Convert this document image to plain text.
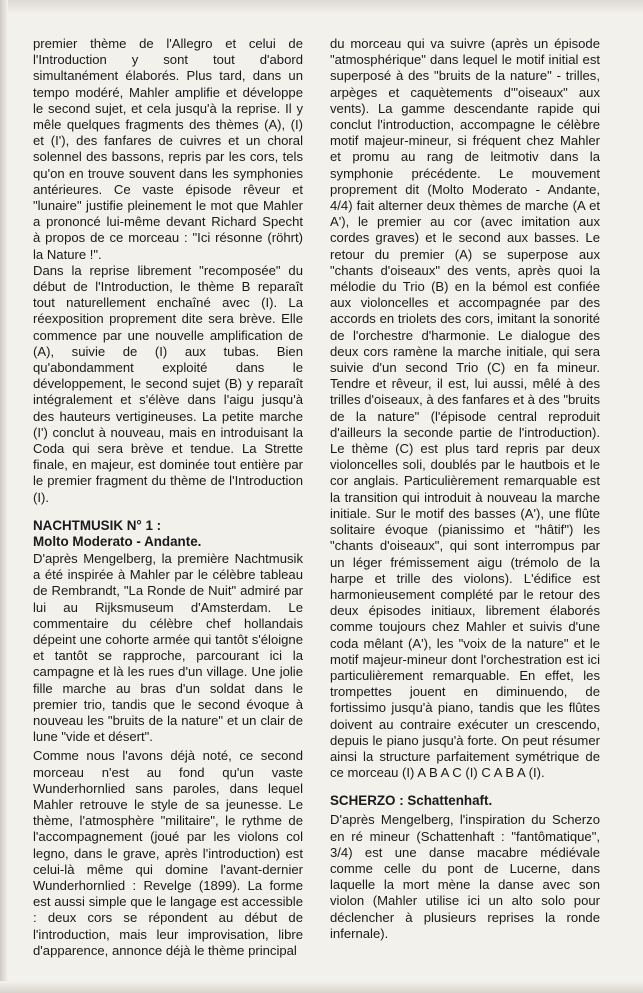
premier thème de l'Allegro et celui de l'Introduction y sont tout d'abord simultanément élaborés. Plus tard, dans un tempo modéré, Mahler amplifie et développe le second sujet, et cela jusqu'à la reprise. Il y mêle quelques fragments des thèmes (A), (I) et (I'), des fanfares de cuivres et un choral solennel des bassons, repris par les cors, tels qu'on en trouve souvent dans les symphonies antérieures. Ce vaste épisode rêveur et "lunaire" justifie pleinement le mot que Mahler a prononcé lui-même devant Richard Specht à propos de ce morceau : "Ici résonne (röhrt) la Nature !".

Dans la reprise librement "recomposée" du début de l'Introduction, le thème B reparaît tout naturellement enchaîné avec (I). La réexposition proprement dite sera brève. Elle commence par une nouvelle amplification de (A), suivie de (I) aux tubas. Bien qu'abondamment exploité dans le développement, le second sujet (B) y reparaît intégralement et s'élève dans l'aigu jusqu'à des hauteurs vertigineuses. La petite marche (I') conclut à nouveau, mais en introduisant la Coda qui sera brève et tendue. La Strette finale, en majeur, est dominée tout entière par le premier fragment du thème de l'Introduction (I).

NACHTMUSIK N° 1 :
Molto Moderato - Andante.

D'après Mengelberg, la première Nachtmusik a été inspirée à Mahler par le célèbre tableau de Rembrandt, "La Ronde de Nuit" admiré par lui au Rijksmuseum d'Amsterdam. Le commentaire du célèbre chef hollandais dépeint une cohorte armée qui tantôt s'éloigne et tantôt se rapproche, parcourant ici la campagne et là les rues d'un village. Une jolie fille marche au bras d'un soldat dans le premier trio, tandis que le second évoque à nouveau les "bruits de la nature" et un clair de lune "vide et désert".

Comme nous l'avons déjà noté, ce second morceau n'est au fond qu'un vaste Wunderhornlied sans paroles, dans lequel Mahler retrouve le style de sa jeunesse. Le thème, l'atmosphère "militaire", le rythme de l'accompagnement (joué par les violons col legno, dans le grave, après l'introduction) est celui-là même qui domine l'avant-dernier Wunderhornlied : Revelge (1899). La forme est aussi simple que le langage est accessible : deux cors se répondent au début de l'introduction, mais leur improvisation, libre d'apparence, annonce déjà le thème principal

du morceau qui va suivre (après un épisode "atmosphérique" dans lequel le motif initial est superposé à des "bruits de la nature" - trilles, arpèges et caquètements d'"oiseaux" aux vents). La gamme descendante rapide qui conclut l'introduction, accompagne le célèbre motif majeur-mineur, si fréquent chez Mahler et promu au rang de leitmotiv dans la symphonie précédente. Le mouvement proprement dit (Molto Moderato - Andante, 4/4) fait alterner deux thèmes de marche (A et A'), le premier au cor (avec imitation aux cordes graves) et le second aux basses. Le retour du premier (A) se superpose aux "chants d'oiseaux" des vents, après quoi la mélodie du Trio (B) en la bémol est confiée aux violoncelles et accompagnée par des accords en triolets des cors, imitant la sonorité de l'orchestre d'harmonie. Le dialogue des deux cors ramène la marche initiale, qui sera suivie d'un second Trio (C) en fa mineur. Tendre et rêveur, il est, lui aussi, mêlé à des trilles d'oiseaux, à des fanfares et à des "bruits de la nature" (l'épisode central reproduit d'ailleurs la seconde partie de l'introduction). Le thème (C) est plus tard repris par deux violoncelles soli, doublés par le hautbois et le cor anglais. Particulièrement remarquable est la transition qui introduit à nouveau la marche initiale. Sur le motif des basses (A'), une flûte solitaire évoque (pianissimo et "hâtif") les "chants d'oiseaux", qui sont interrompus par un léger frémissement aigu (trémolo de la harpe et trille des violons). L'édifice est harmonieusement complété par le retour des deux épisodes initiaux, librement élaborés comme toujours chez Mahler et suivis d'une coda mêlant (A'), les "voix de la nature" et le motif majeur-mineur dont l'orchestration est ici particulièrement remarquable. En effet, les trompettes jouent en diminuendo, de fortissimo jusqu'à piano, tandis que les flûtes doivent au contraire exécuter un crescendo, depuis le piano jusqu'à forte. On peut résumer ainsi la structure parfaitement symétrique de ce morceau (I) A B A C (I) C A B A (I).

SCHERZO : Schattenhaft.

D'après Mengelberg, l'inspiration du Scherzo en ré mineur (Schattenhaft : "fantômatique", 3/4) est une danse macabre médiévale comme celle du pont de Lucerne, dans laquelle la mort mène la danse avec son violon (Mahler utilise ici un alto solo pour déclencher à plusieurs reprises la ronde infernale).
